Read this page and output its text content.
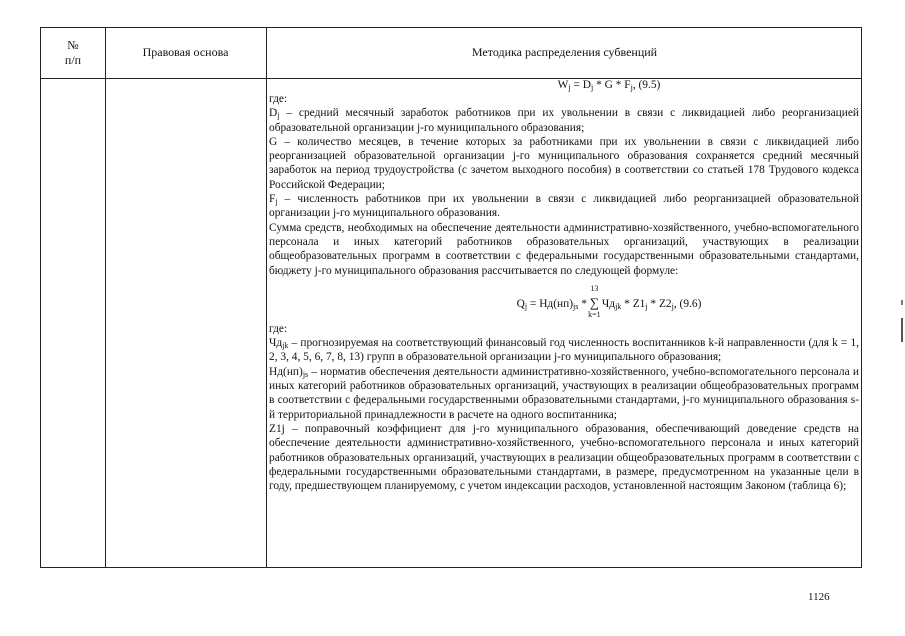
№
п/п
Правовая основа	Методика распределения субвенций

$W_j = D_j * G * F_j$, (9.5)

где:

$D_j$ – средний месячный заработок работников при их увольнении в связи с ликвидацией либо реорганизацией образовательной организации j-го муниципального образования;

G – количество месяцев, в течение которых за работниками при их увольнении в связи с ликвидацией либо реорганизацией образовательной организации j-го муниципального образования сохраняется средний месячный заработок на период трудоустройства (с зачетом выходного пособия) в соответствии со статьей 178 Трудового кодекса Российской Федерации;

$F_j$ – численность работников при их увольнении в связи с ликвидацией либо реорганизацией образовательной организации j-го муниципального образования.

Сумма средств, необходимых на обеспечение деятельности административно-хозяйственного, учебно-вспомогательного персонала и иных категорий работников образовательных организаций, участвующих в реализации общеобразовательных программ в соответствии с федеральными государственными образовательными стандартами, бюджету j-го муниципального образования рассчитывается по следующей формуле:

$Q_j = Нд(нп)_{js}$ *
13
∑
k=1
$Чд_{jk} * Z1_j * Z2_j$, (9.6)

где:

$Чд_{jk}$ – прогнозируемая на соответствующий финансовый год численность воспитанников k-й направленности (для k = 1, 2, 3, 4, 5, 6, 7, 8, 13) групп в образовательной организации j-го муниципального образования;

$Нд(нп)_{js}$ – норматив обеспечения деятельности административно-хозяйственного, учебно-вспомогательного персонала и иных категорий работников образовательных организаций, участвующих в реализации общеобразовательных программ в соответствии с федеральными государственными образовательными стандартами, j-го муниципального образования s-й территориальной принадлежности в расчете на одного воспитанника;

Z1j – поправочный коэффициент для j-го муниципального образования, обеспечивающий доведение средств на обеспечение деятельности административно-хозяйственного, учебно-вспомогательного персонала и иных категорий работников образовательных организаций, участвующих в реализации общеобразовательных программ в соответствии с федеральными государственными образовательными стандартами, в размере, предусмотренном на указанные цели в году, предшествующем планируемому, с учетом индексации расходов, установленной настоящим Законом (таблица 6);

1126
